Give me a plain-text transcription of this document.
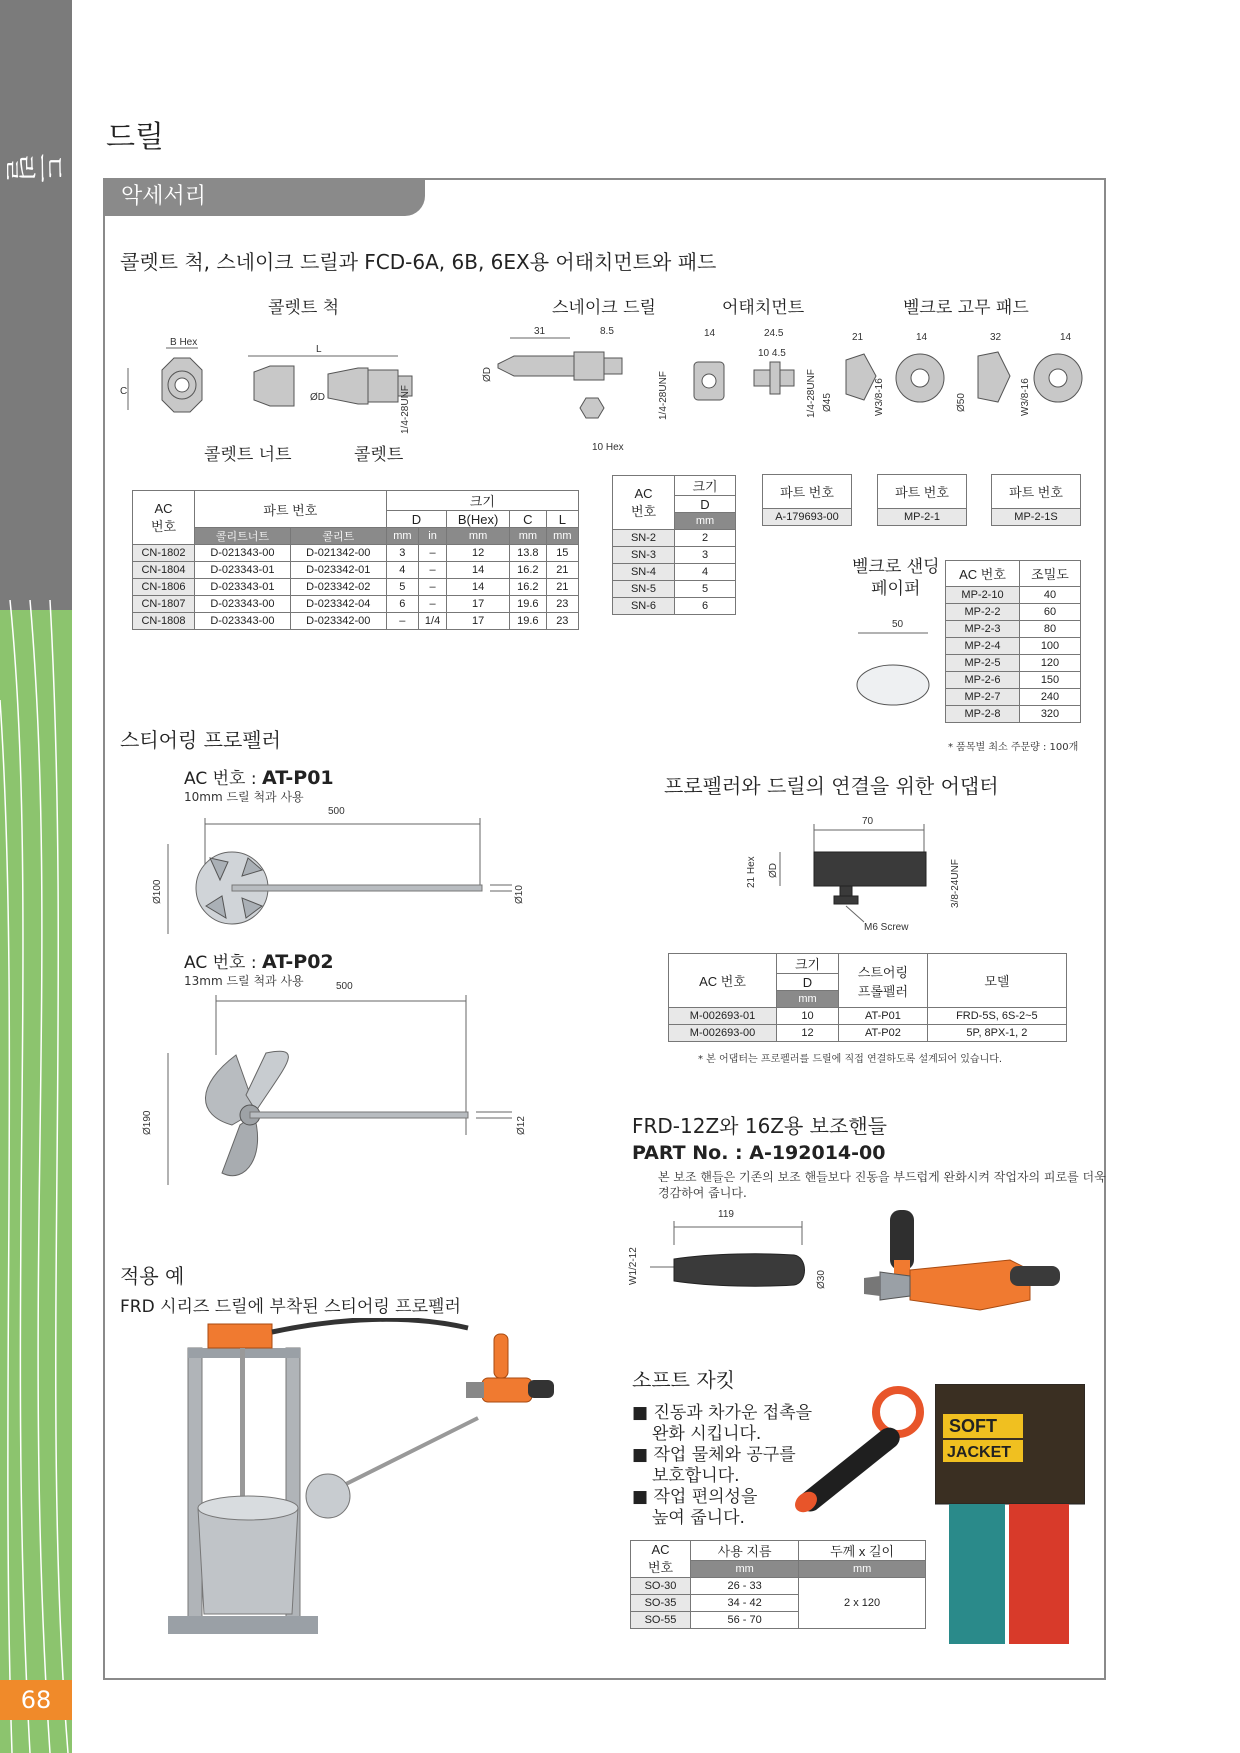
드릴
68
드릴
악세서리
콜렛트 척, 스네이크 드릴과 FCD-6A, 6B, 6EX용 어태치먼트와 패드
콜렛트 척	스네이크 드릴	어태치먼트	벨크로 고무 패드
B Hex
C
L
ØD	1/4-28UNF
31	8.5
ØD
10 Hex
1/4-28UNF
14	24.5
10 4.5
1/4-28UNF
21
Ø45	W3/8-16
14
Ø50
32
W3/8-16
14
콜렛트 너트	콜렛트
AC
번호	파트 번호		크기				
			D		B(Hex)	C	L
	콜리트너트	콜리트	mm	in	mm	mm	mm
CN-1802	D-021343-00	D-021342-00	3	–	12	13.8	15
CN-1804	D-023343-01	D-023342-01	4	–	14	16.2	21
CN-1806	D-023343-01	D-023342-02	5	–	14	16.2	21
CN-1807	D-023343-00	D-023342-04	6	–	17	19.6	23
CN-1808	D-023343-00	D-023342-00	–	1/4	17	19.6	23
AC
번호	크기
	D
	mm
SN-2	2
SN-3	3
SN-4	4
SN-5	5
SN-6	6
파트 번호
A-179693-00
파트 번호
MP-2-1
파트 번호
MP-2-1S
벨크로 샌딩
페이퍼
50
AC 번호	조밀도
MP-2-10	40
MP-2-2	60
MP-2-3	80
MP-2-4	100
MP-2-5	120
MP-2-6	150
MP-2-7	240
MP-2-8	320
* 품목별 최소 주문량 : 100개
스티어링 프로펠러
AC 번호 : AT-P01
10mm 드릴 척과 사용
500
Ø100	Ø10
AC 번호 : AT-P02
13mm 드릴 척과 사용	500
Ø190	Ø12
프로펠러와 드릴의 연결을 위한 어댑터
70
21 Hex ØD
M6 Screw
3/8-24UNF
AC 번호	크기	스트어링
프롤펠러	모델
	D		
	mm		
M-002693-01	10	AT-P01	FRD-5S, 6S-2~5
M-002693-00	12	AT-P02	5P, 8PX-1, 2
* 본 어댑터는 프로펠러를 드릴에 직접 연결하도록 설계되어 있습니다.
FRD-12Z와 16Z용 보조핸들
PART No. : A-192014-00
본 보조 핸들은 기존의 보조 핸들보다 진동을 부드럽게 완화시켜 작업자의 피로를 더욱
경감하여 줍니다.
119
W1/2-12	Ø30
적용 예
FRD 시리즈 드릴에 부착된 스티어링 프로펠러
소프트 자킷
■ 진동과 차가운 접촉을
완화 시킵니다.
■ 작업 물체와 공구를
보호합니다.
■ 작업 편의성을
높여 줍니다.
SOFT
JACKET
AC
번호	사용 지름	두께 x 길이
	mm	mm
SO-30	26 - 33	2 x 120
SO-35	34 - 42	
SO-55	56 - 70	
